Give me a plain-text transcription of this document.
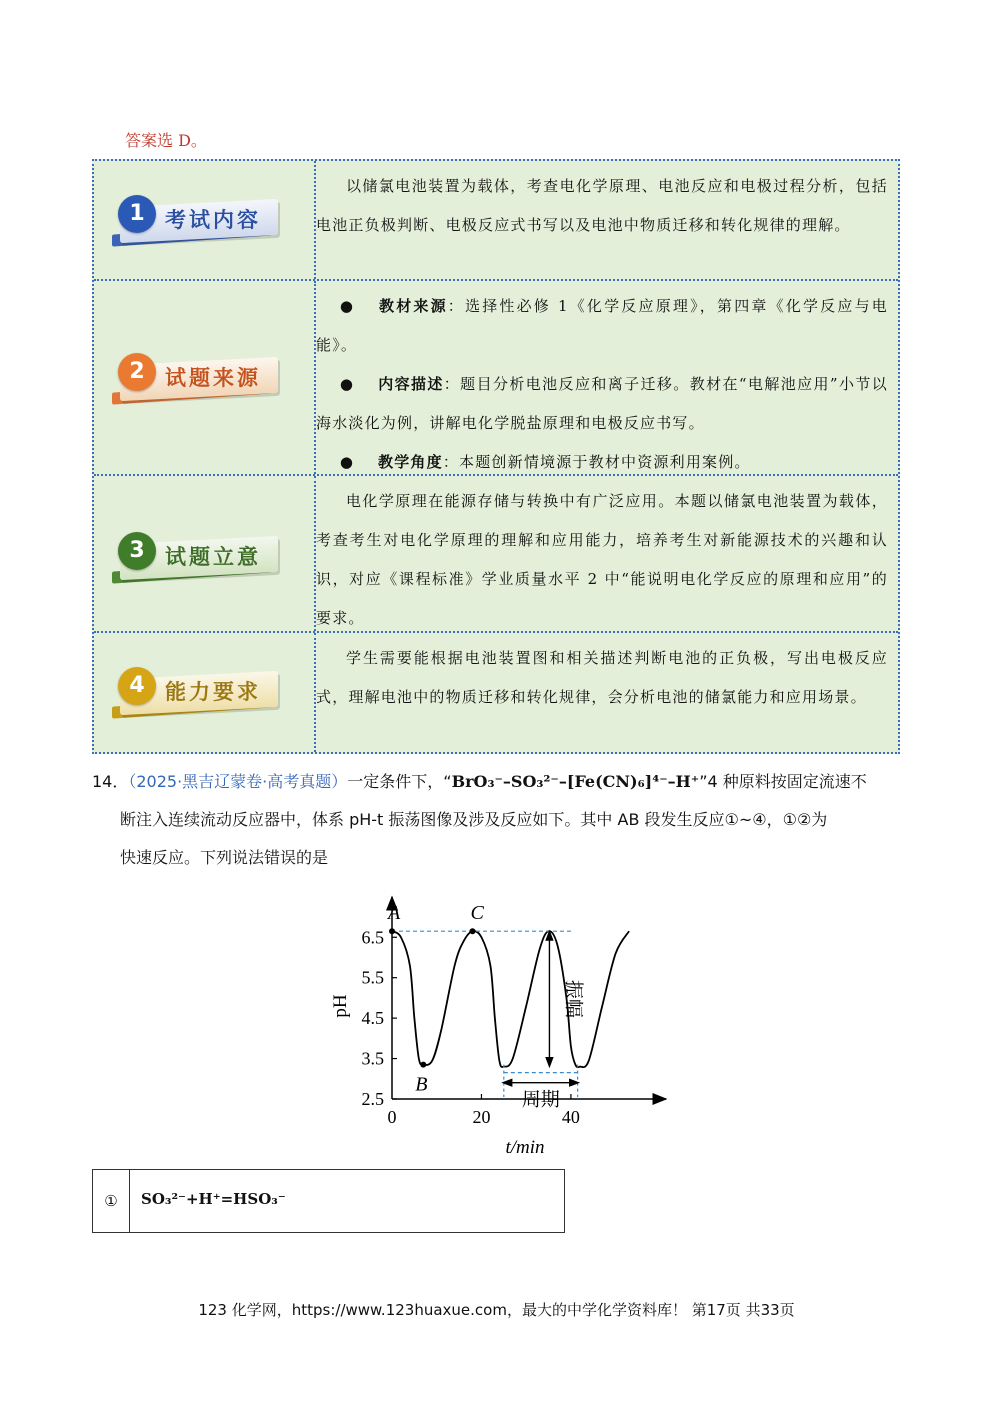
答案选 D。
1 考试内容

以储氯电池装置为载体，考查电化学原理、电池反应和电极过程分析，包括电池正负极判断、电极反应式书写以及电池中物质迁移和转化规律的理解。

2 试题来源
● 教材来源：选择性必修 1《化学反应原理》，第四章《化学反应与电能》。
● 内容描述：题目分析电池反应和离子迁移。教材在“电解池应用”小节以海水淡化为例，讲解电化学脱盐原理和电极反应书写。
● 教学角度：本题创新情境源于教材中资源利用案例。
3 试题立意

电化学原理在能源存储与转换中有广泛应用。本题以储氯电池装置为载体，考查考生对电化学原理的理解和应用能力，培养考生对新能源技术的兴趣和认识，对应《课程标准》学业质量水平 2 中“能说明电化学反应的原理和应用”的要求。

4 能力要求

学生需要能根据电池装置图和相关描述判断电池的正负极，写出电极反应式，理解电池中的物质迁移和转化规律，会分析电池的储氯能力和应用场景。

14．（2025·黑吉辽蒙卷·高考真题）一定条件下，“BrO₃⁻–SO₃²⁻–[Fe(CN)₆]⁴⁻–H⁺”4 种原料按固定流速不
断注入连续流动反应器中，体系 pH-t 振荡图像及涉及反应如下。其中 AB 段发生反应①~④，①②为
快速反应。下列说法错误的是
2.5
3.5
4.5
5.5
6.5
0	20	40
t/min
pH	振幅
周期
A
B
C
①	SO₃²⁻+H⁺=HSO₃⁻
123 化学网，https://www.123huaxue.com，最大的中学化学资料库！ 第17页 共33页
